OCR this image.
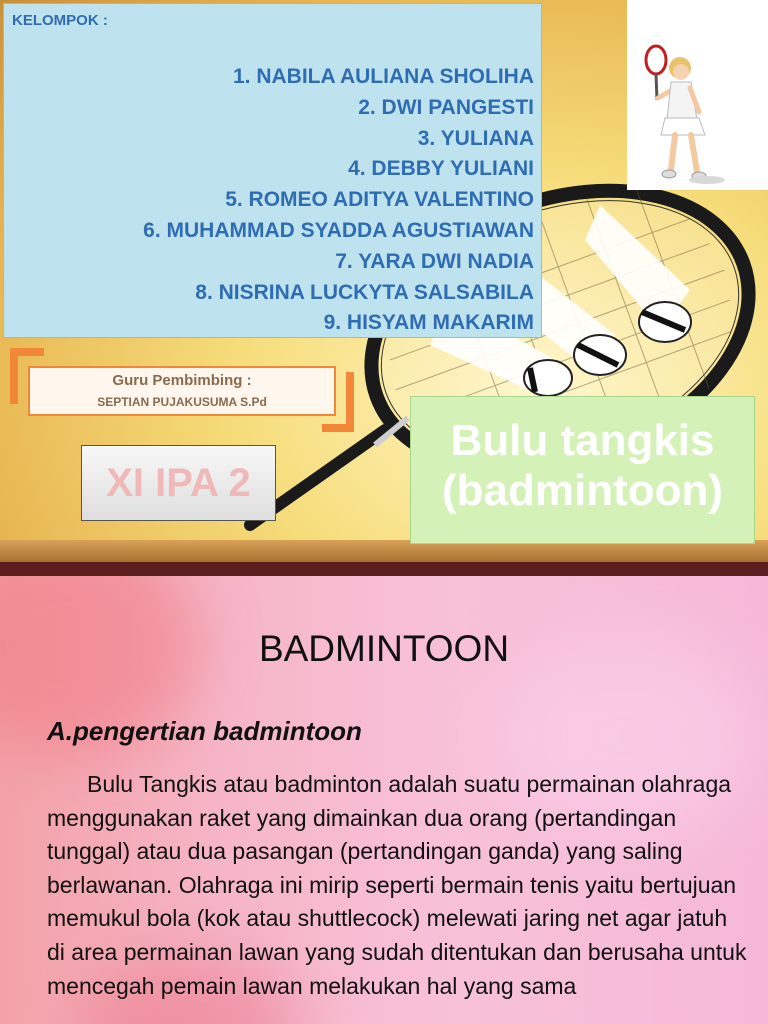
KELOMPOK :
1. NABILA AULIANA SHOLIHA
2. DWI PANGESTI
3. YULIANA
4. DEBBY YULIANI
5. ROMEO ADITYA VALENTINO
6. MUHAMMAD SYADDA AGUSTIAWAN
7. YARA DWI NADIA
8. NISRINA LUCKYTA SALSABILA
9. HISYAM MAKARIM
Guru Pembimbing :
SEPTIAN PUJAKUSUMA S.Pd
XI IPA 2
Bulu tangkis
(badmintoon)
BADMINTOON
A.pengertian badmintoon

Bulu Tangkis atau badminton adalah suatu permainan olahraga menggunakan raket yang dimainkan dua orang (pertandingan tunggal) atau dua pasangan (pertandingan ganda) yang saling berlawanan. Olahraga ini mirip seperti bermain tenis yaitu bertujuan memukul bola (kok atau shuttlecock) melewati jaring net agar jatuh di area permainan lawan yang sudah ditentukan dan berusaha untuk mencegah pemain lawan melakukan hal yang sama
